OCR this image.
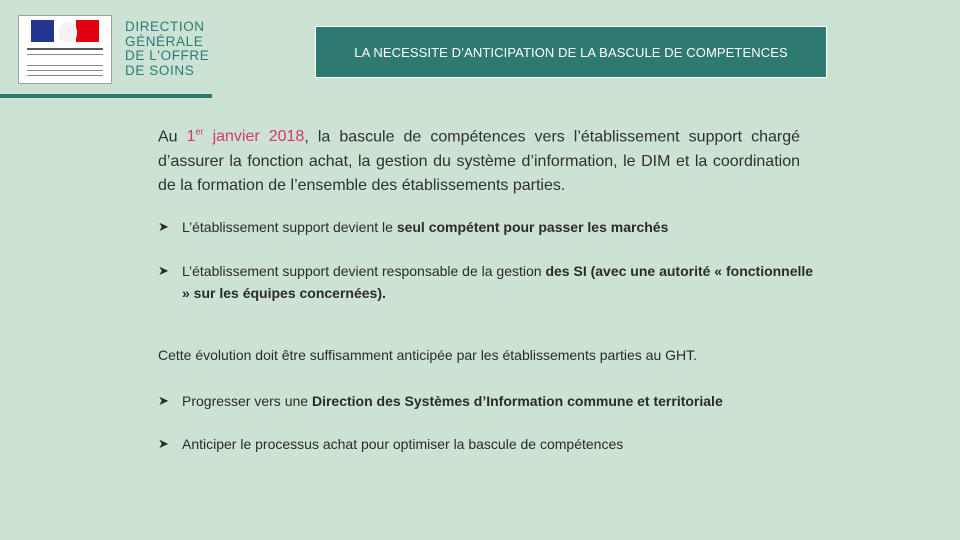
DIRECTION
GÉNÉRALE
DE L'OFFRE
DE SOINS
LA NECESSITE D’ANTICIPATION DE LA BASCULE DE COMPETENCES
Au 1er janvier 2018, la bascule de compétences vers l’établissement support chargé d’assurer la fonction achat, la gestion du système d’information, le DIM et la coordination de la formation de l’ensemble des établissements parties.
➤ L’établissement support devient le seul compétent pour passer les marchés
➤ L’établissement support devient responsable de la gestion des SI (avec une autorité « fonctionnelle » sur les équipes concernées).
Cette évolution doit être suffisamment anticipée par les établissements parties au GHT.
➤ Progresser vers une Direction des Systèmes d’Information commune et territoriale
➤ Anticiper le processus achat pour optimiser la bascule de compétences
